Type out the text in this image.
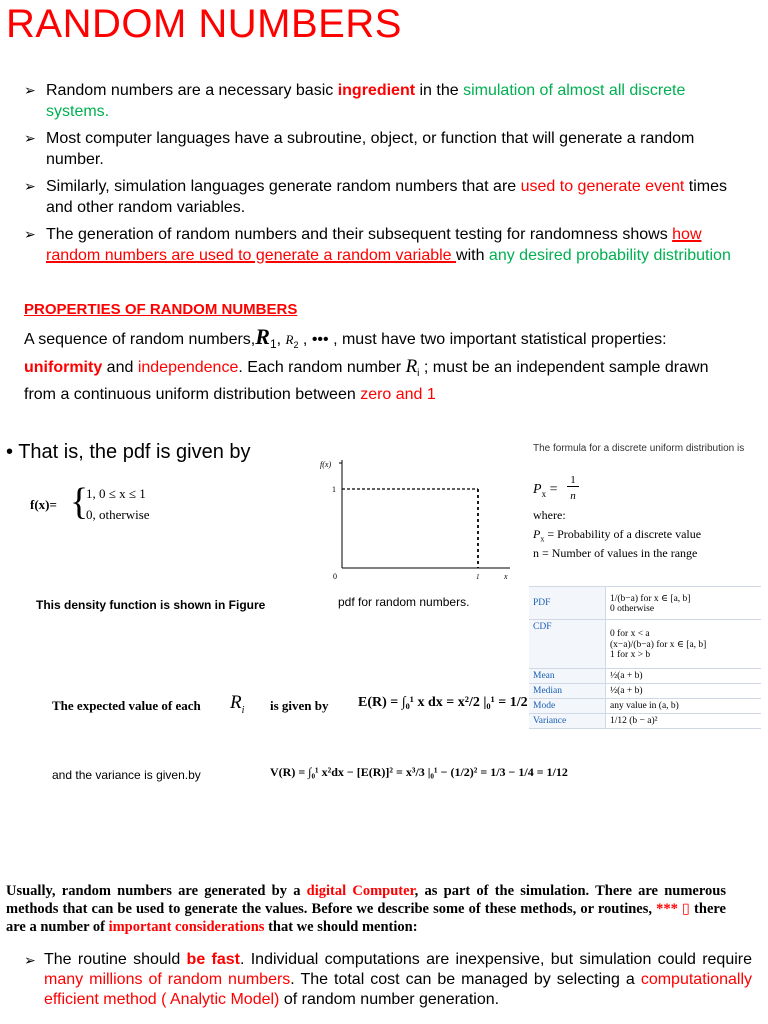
RANDOM NUMBERS
➢ Random numbers are a necessary basic ingredient in the simulation of almost all discrete systems.
➢ Most computer languages have a subroutine, object, or function that will generate a random number.
➢ Similarly, simulation languages generate random numbers that are used to generate event times and other random variables.
➢ The generation of random numbers and their subsequent testing for randomness shows how random numbers are used to generate a random variable with any desired probability distribution
PROPERTIES OF RANDOM NUMBERS
A sequence of random $numbers,R_1$, $R_2$ , ••• , must have two important statistical properties: uniformity and independence. Each random number $R_i$ ; must be an independent sample drawn from a continuous uniform distribution between zero and 1
• That is, the pdf is given by
f(x)= {
1, 0 ≤ x ≤ 1
0, otherwise
This density function is shown in Figure
f(x)
1
0	1	x
pdf for random numbers.
The formula for a discrete uniform distribution is
$P_x$ =
1
n
where:
$P_x$ = Probability of a discrete value
n = Number of values in the range
PDF	1/(b−a) for x ∈ [a, b]
0 otherwise

CDF	0 for x < a
(x−a)/(b−a) for x ∈ [a, b]
1 for x > b

Mean	½(a + b)
Median	½(a + b)
Mode	any value in (a, b)
Variance	1/12 (b − a)²
The expected value of each $R_i$ is given by E(R) = ∫₀¹ x dx = x²/2 |₀¹ = 1/2
and the variance is given.by	V(R) = ∫₀¹ x²dx − [E(R)]² = x³/3 |₀¹ − (1/2)² = 1/3 − 1/4 = 1/12
Usually, random numbers are generated by a digital Computer, as part of the simulation. There are numerous methods that can be used to generate the values. Before we describe some of these methods, or routines, *** ▯ there are a number of important considerations that we should mention:
➢ The routine should be fast. Individual computations are inexpensive, but simulation could require many millions of random numbers. The total cost can be managed by selecting a computationally efficient method ( Analytic Model) of random number generation.
